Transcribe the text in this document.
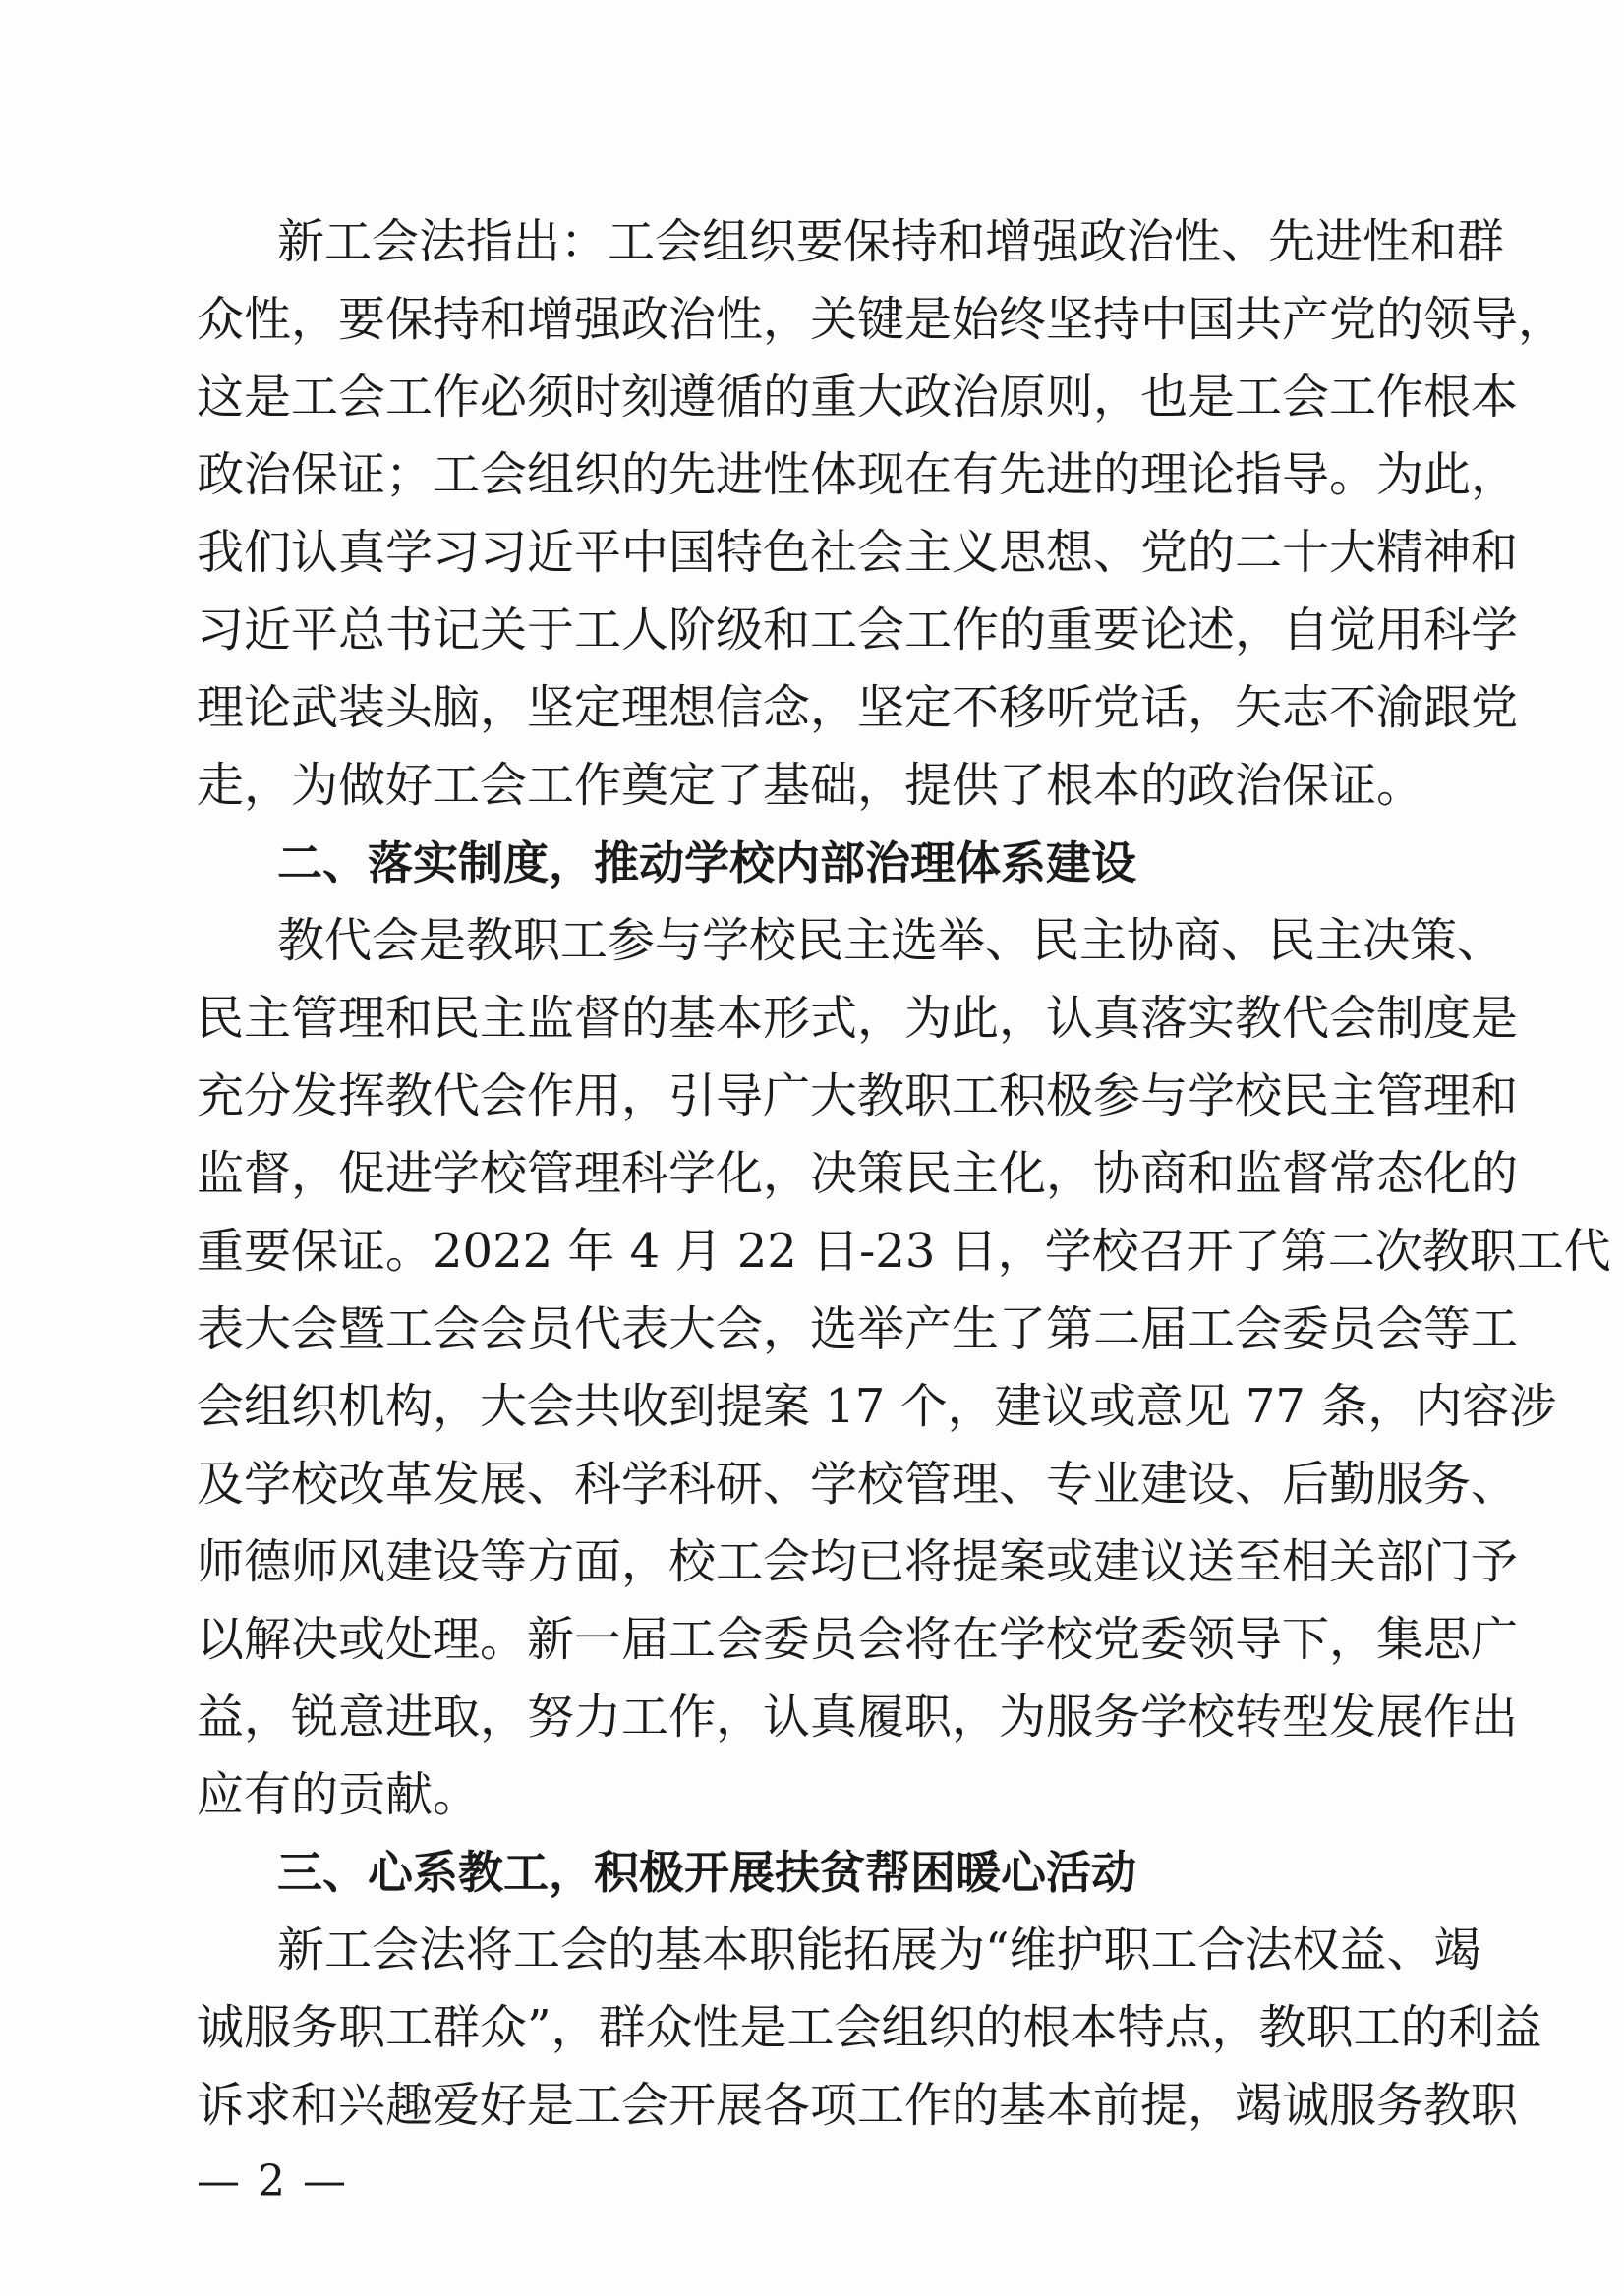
新工会法指出：工会组织要保持和增强政治性、先进性和群
众性，要保持和增强政治性，关键是始终坚持中国共产党的领导，
这是工会工作必须时刻遵循的重大政治原则，也是工会工作根本
政治保证；工会组织的先进性体现在有先进的理论指导。为此，
我们认真学习习近平中国特色社会主义思想、党的二十大精神和
习近平总书记关于工人阶级和工会工作的重要论述，自觉用科学
理论武装头脑，坚定理想信念，坚定不移听党话，矢志不渝跟党
走，为做好工会工作奠定了基础，提供了根本的政治保证。
二、落实制度，推动学校内部治理体系建设
教代会是教职工参与学校民主选举、民主协商、民主决策、
民主管理和民主监督的基本形式，为此，认真落实教代会制度是
充分发挥教代会作用，引导广大教职工积极参与学校民主管理和
监督，促进学校管理科学化，决策民主化，协商和监督常态化的
重要保证。2022 年 4 月 22 日-23 日，学校召开了第二次教职工代
表大会暨工会会员代表大会，选举产生了第二届工会委员会等工
会组织机构，大会共收到提案 17 个，建议或意见 77 条，内容涉
及学校改革发展、科学科研、学校管理、专业建设、后勤服务、
师德师风建设等方面，校工会均已将提案或建议送至相关部门予
以解决或处理。新一届工会委员会将在学校党委领导下，集思广
益，锐意进取，努力工作，认真履职，为服务学校转型发展作出
应有的贡献。
三、心系教工，积极开展扶贫帮困暖心活动
新工会法将工会的基本职能拓展为“维护职工合法权益、竭
诚服务职工群众”，群众性是工会组织的根本特点，教职工的利益
诉求和兴趣爱好是工会开展各项工作的基本前提，竭诚服务教职
— 2 —
